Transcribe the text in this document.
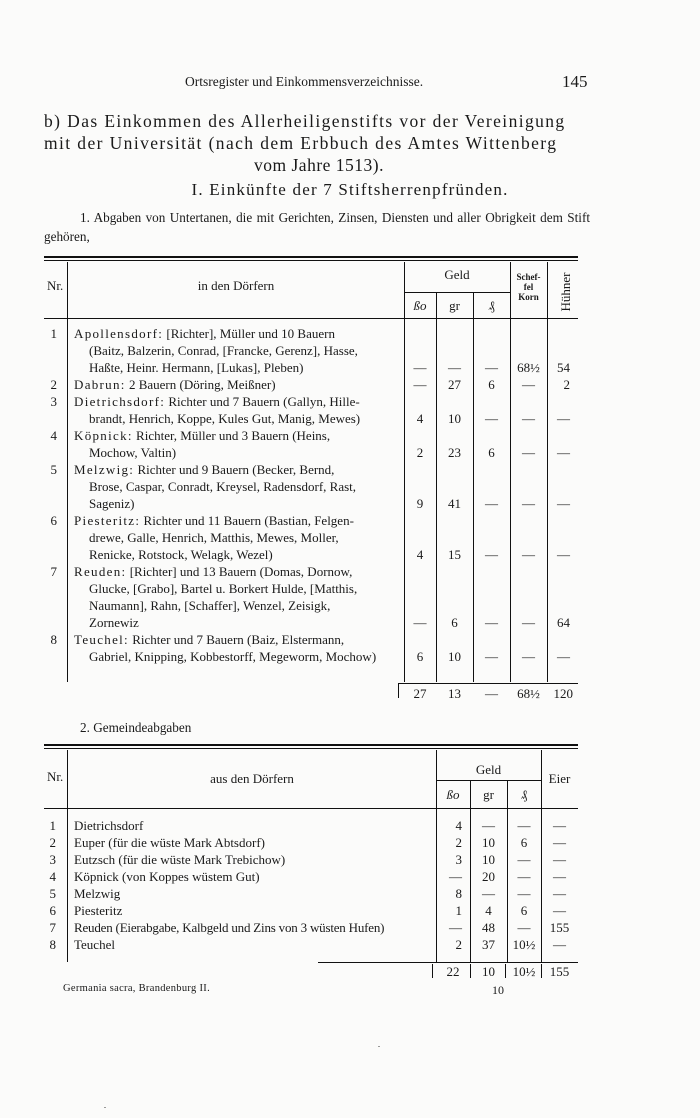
Ortsregister und Einkommensverzeichnisse.	145
b) Das Einkommen des Allerheiligenstifts vor der Vereinigung
mit der Universität (nach dem Erbbuch des Amtes Wittenberg
vom Jahre 1513).
I. Einkünfte der 7 Stiftsherrenpfründen.
1. Abgaben von Untertanen, die mit Gerichten, Zinsen, Diensten und aller Obrigkeit dem Stift gehören,
Nr.	in den Dörfern
Geld
ßo	gr	₰
Schef-
fel
Korn	Hühner
1 Apollensdorf: [Richter], Müller und 10 Bauern
(Baitz, Balzerin, Conrad, [Francke, Gerenz], Hasse,
Haßte, Heinr. Hermann, [Lukas], Pleben)	—	—	—	68½	54
2 Dabrun: 2 Bauern (Döring, Meißner)	—	27	6	—	2
3 Dietrichsdorf: Richter und 7 Bauern (Gallyn, Hille-
brandt, Henrich, Koppe, Kules Gut, Manig, Mewes)	4	10	—	—	—
4 Köpnick: Richter, Müller und 3 Bauern (Heins,
Mochow, Valtin)	2	23	6	—	—
5 Melzwig: Richter und 9 Bauern (Becker, Bernd,
Brose, Caspar, Conradt, Kreysel, Radensdorf, Rast,
Sageniz)	9	41	—	—	—
6 Piesteritz: Richter und 11 Bauern (Bastian, Felgen-
drewe, Galle, Henrich, Matthis, Mewes, Moller,
Renicke, Rotstock, Welagk, Wezel)	4	15	—	—	—
7 Reuden: [Richter] und 13 Bauern (Domas, Dornow,
Glucke, [Grabo], Bartel u. Borkert Hulde, [Matthis,
Naumann], Rahn, [Schaffer], Wenzel, Zeisigk,
Zornewiz	—	6	—	—	64
8 Teuchel: Richter und 7 Bauern (Baiz, Elstermann,
Gabriel, Knipping, Kobbestorff, Megeworm, Mochow)	6	10	—	—	—
27	13	—	68½	120
2. Gemeindeabgaben
Nr.	aus den Dörfern
Geld
ßo	gr	₰
Eier
1 Dietrichsdorf	4	—	—	—
2 Euper (für die wüste Mark Abtsdorf)	2	10	6	—
3 Eutzsch (für die wüste Mark Trebichow)	3	10	—	—
4 Köpnick (von Koppes wüstem Gut)	—	20	—	—
5 Melzwig	8	—	—	—
6 Piesteritz	1	4	6	—
7 Reuden (Eierabgabe, Kalbgeld und Zins von 3 wüsten Hufen)	—	48	—	155
8 Teuchel	2	37	10½	—
22	10	10½	155
Germania sacra, Brandenburg II.	10
